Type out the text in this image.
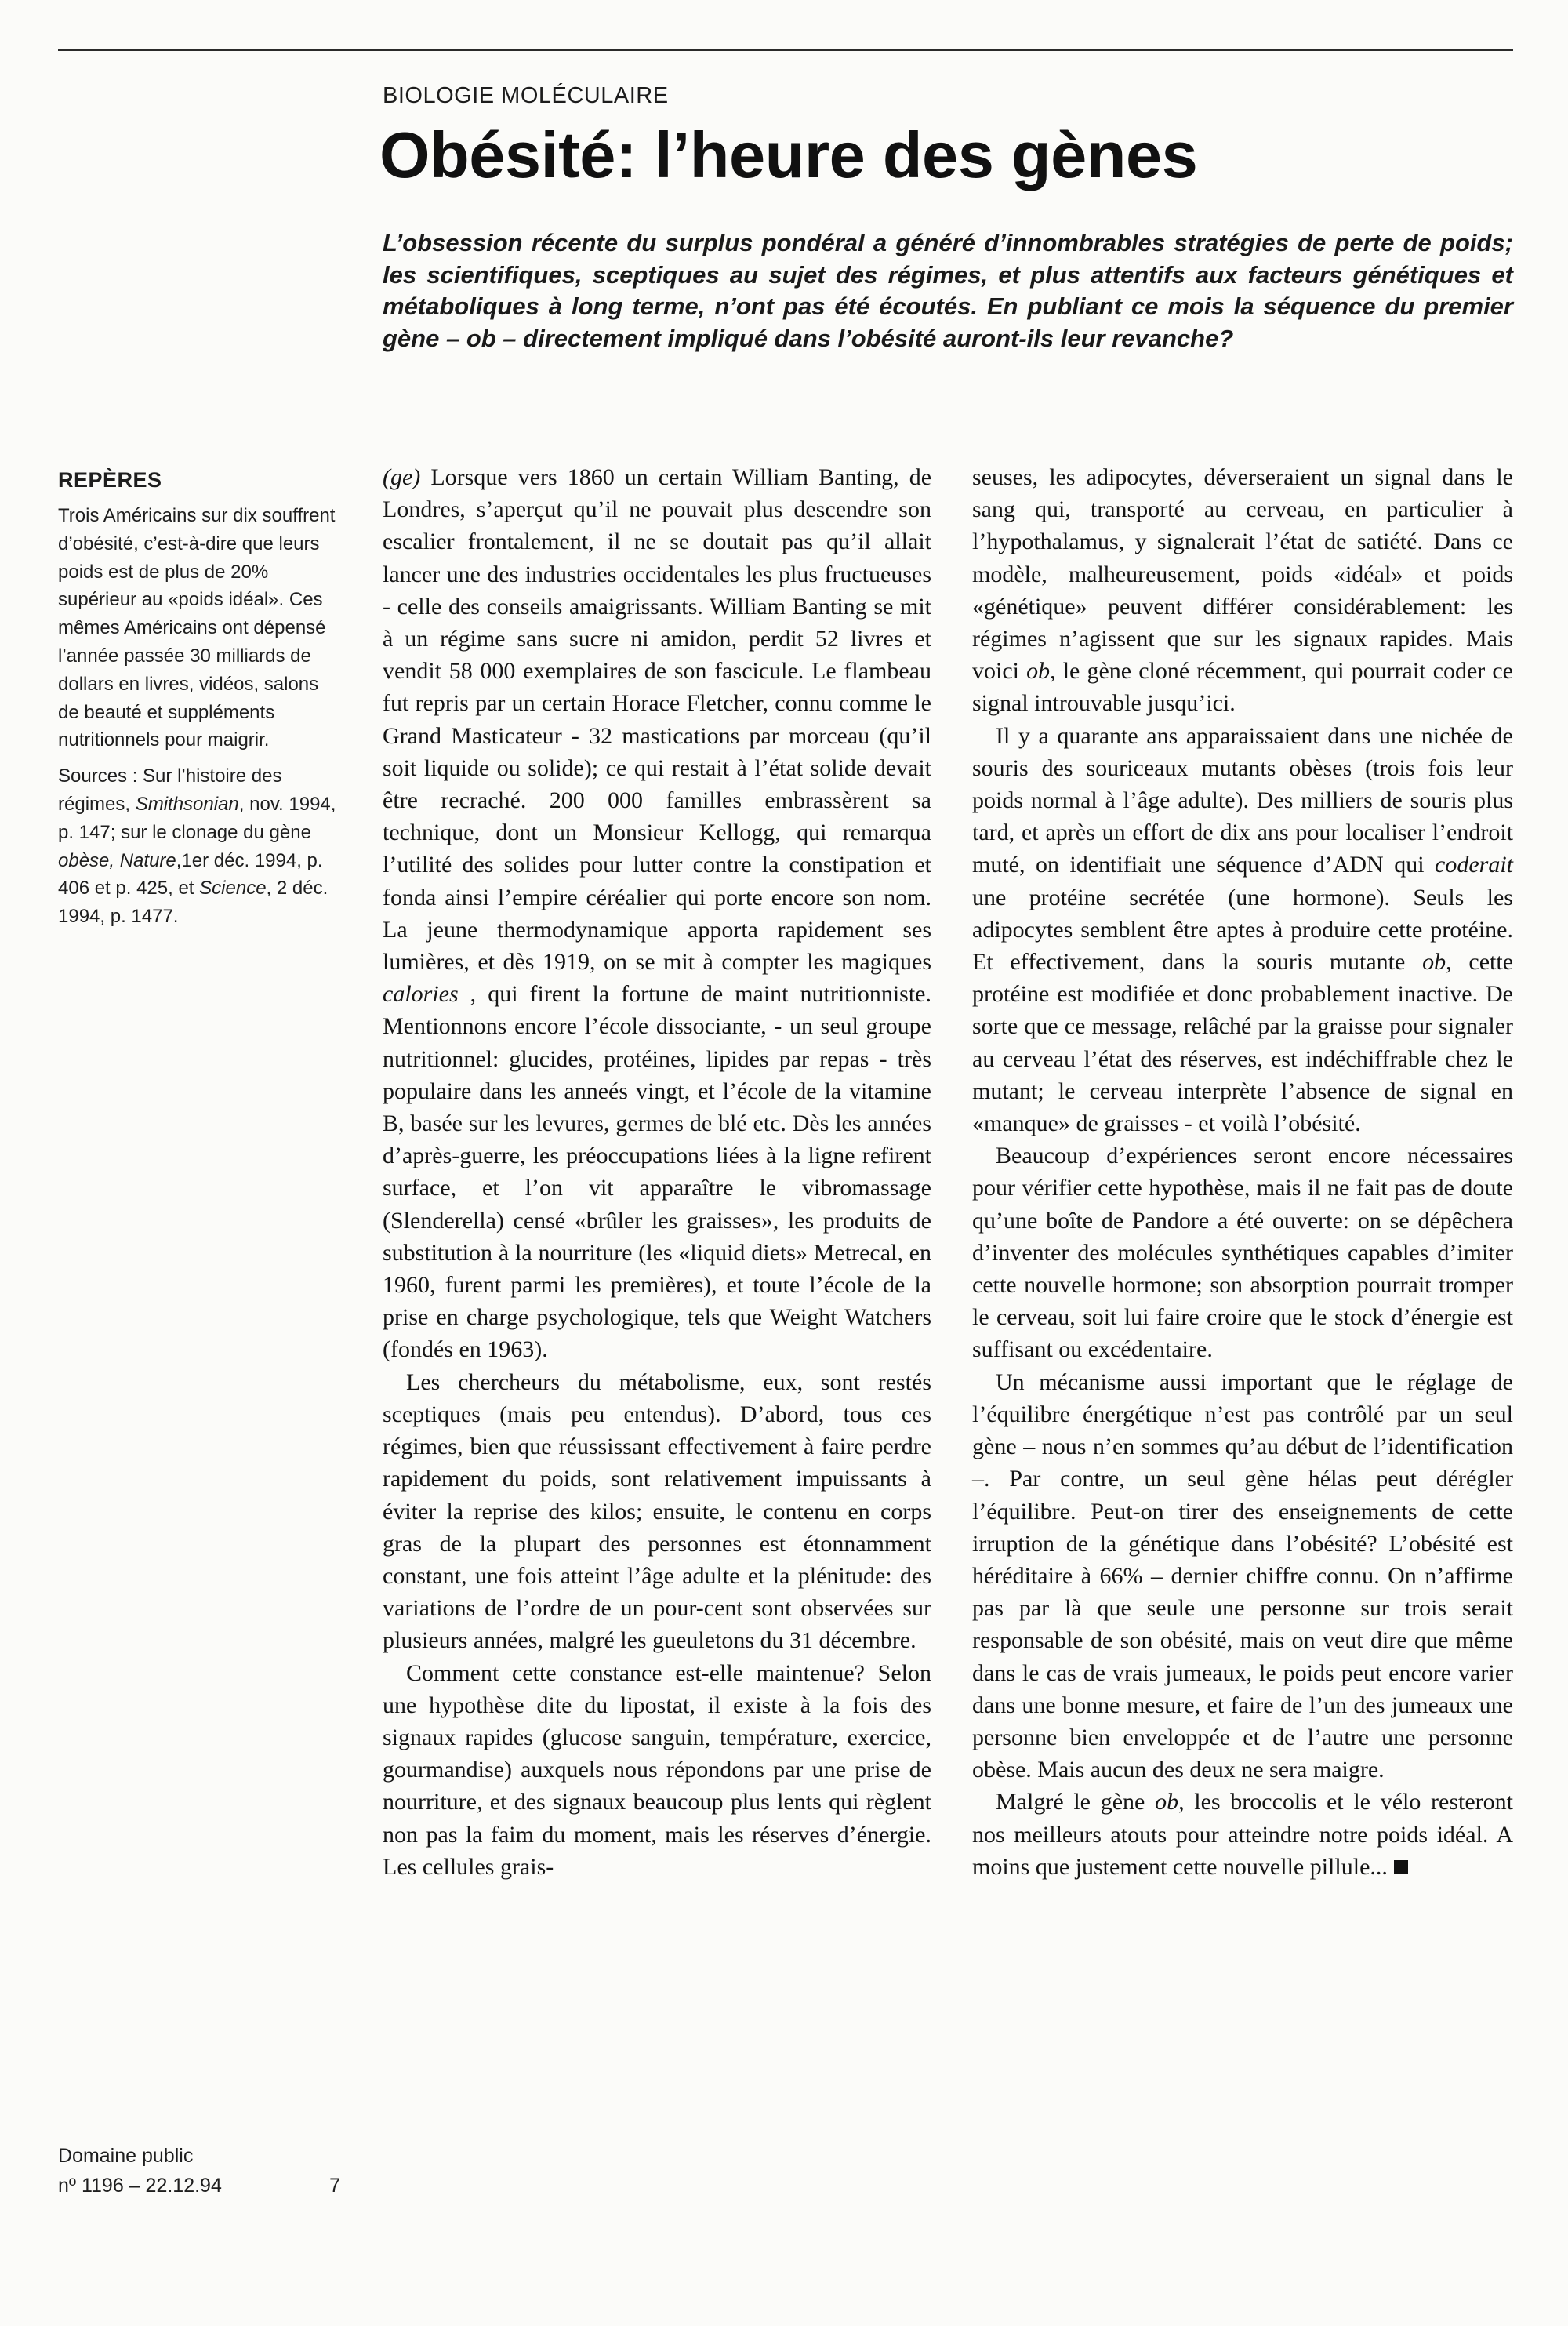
BIOLOGIE MOLÉCULAIRE
Obésité: l’heure des gènes

L’obsession récente du surplus pondéral a généré d’innombrables stratégies de perte de poids; les scientifiques, sceptiques au sujet des régimes, et plus attentifs aux facteurs génétiques et métaboliques à long terme, n’ont pas été écoutés. En publiant ce mois la séquence du premier gène – ob – directement impliqué dans l’obésité auront-ils leur revanche?

REPÈRES

Trois Américains sur dix souffrent d’obésité, c’est-à-dire que leurs poids est de plus de 20% supérieur au «poids idéal». Ces mêmes Américains ont dépensé l’année passée 30 milliards de dollars en livres, vidéos, salons de beauté et suppléments nutritionnels pour maigrir.

Sources : Sur l’histoire des régimes, Smithsonian, nov. 1994, p. 147; sur le clonage du gène obèse, Nature,1er déc. 1994, p. 406 et p. 425, et Science, 2 déc. 1994, p. 1477.

Domaine public
nº 1196 – 22.12.94	7

(ge) Lorsque vers 1860 un certain William Banting, de Londres, s’aperçut qu’il ne pouvait plus descendre son escalier frontalement, il ne se doutait pas qu’il allait lancer une des industries occidentales les plus fructueuses - celle des conseils amaigrissants. William Banting se mit à un régime sans sucre ni amidon, perdit 52 livres et vendit 58 000 exemplaires de son fascicule. Le flambeau fut repris par un certain Horace Fletcher, connu comme le Grand Masticateur - 32 mastications par morceau (qu’il soit liquide ou solide); ce qui restait à l’état solide devait être recraché. 200 000 familles embrassèrent sa technique, dont un Monsieur Kellogg, qui remarqua l’utilité des solides pour lutter contre la constipation et fonda ainsi l’empire céréalier qui porte encore son nom. La jeune thermodynamique apporta rapidement ses lumières, et dès 1919, on se mit à compter les magiques calories , qui firent la fortune de maint nutritionniste. Mentionnons encore l’école dissociante, - un seul groupe nutritionnel: glucides, protéines, lipides par repas - très populaire dans les anneés vingt, et l’école de la vitamine B, basée sur les levures, germes de blé etc. Dès les années d’après-guerre, les préoccupations liées à la ligne refirent surface, et l’on vit apparaître le vibromassage (Slenderella) censé «brûler les graisses», les produits de substitution à la nourriture (les «liquid diets» Metrecal, en 1960, furent parmi les premières), et toute l’école de la prise en charge psychologique, tels que Weight Watchers (fondés en 1963).

Les chercheurs du métabolisme, eux, sont restés sceptiques (mais peu entendus). D’abord, tous ces régimes, bien que réussissant effectivement à faire perdre rapidement du poids, sont relativement impuissants à éviter la reprise des kilos; ensuite, le contenu en corps gras de la plupart des personnes est étonnamment constant, une fois atteint l’âge adulte et la plénitude: des variations de l’ordre de un pour-cent sont observées sur plusieurs années, malgré les gueuletons du 31 décembre.

Comment cette constance est-elle maintenue? Selon une hypothèse dite du lipostat, il existe à la fois des signaux rapides (glucose sanguin, température, exercice, gourmandise) auxquels nous répondons par une prise de nourriture, et des signaux beaucoup plus lents qui règlent non pas la faim du moment, mais les réserves d’énergie. Les cellules grais-

seuses, les adipocytes, déverseraient un signal dans le sang qui, transporté au cerveau, en particulier à l’hypothalamus, y signalerait l’état de satiété. Dans ce modèle, malheureusement, poids «idéal» et poids «génétique» peuvent différer considérablement: les régimes n’agissent que sur les signaux rapides. Mais voici ob, le gène cloné récemment, qui pourrait coder ce signal introuvable jusqu’ici.

Il y a quarante ans apparaissaient dans une nichée de souris des souriceaux mutants obèses (trois fois leur poids normal à l’âge adulte). Des milliers de souris plus tard, et après un effort de dix ans pour localiser l’endroit muté, on identifiait une séquence d’ADN qui coderait une protéine secrétée (une hormone). Seuls les adipocytes semblent être aptes à produire cette protéine. Et effectivement, dans la souris mutante ob, cette protéine est modifiée et donc probablement inactive. De sorte que ce message, relâché par la graisse pour signaler au cerveau l’état des réserves, est indéchiffrable chez le mutant; le cerveau interprète l’absence de signal en «manque» de graisses - et voilà l’obésité.

Beaucoup d’expériences seront encore nécessaires pour vérifier cette hypothèse, mais il ne fait pas de doute qu’une boîte de Pandore a été ouverte: on se dépêchera d’inventer des molécules synthétiques capables d’imiter cette nouvelle hormone; son absorption pourrait tromper le cerveau, soit lui faire croire que le stock d’énergie est suffisant ou excédentaire.

Un mécanisme aussi important que le réglage de l’équilibre énergétique n’est pas contrôlé par un seul gène – nous n’en sommes qu’au début de l’identification –. Par contre, un seul gène hélas peut dérégler l’équilibre. Peut-on tirer des enseignements de cette irruption de la génétique dans l’obésité? L’obésité est héréditaire à 66% – dernier chiffre connu. On n’affirme pas par là que seule une personne sur trois serait responsable de son obésité, mais on veut dire que même dans le cas de vrais jumeaux, le poids peut encore varier dans une bonne mesure, et faire de l’un des jumeaux une personne bien enveloppée et de l’autre une personne obèse. Mais aucun des deux ne sera maigre.

Malgré le gène ob, les broccolis et le vélo resteront nos meilleurs atouts pour atteindre notre poids idéal. A moins que justement cette nouvelle pillule...
